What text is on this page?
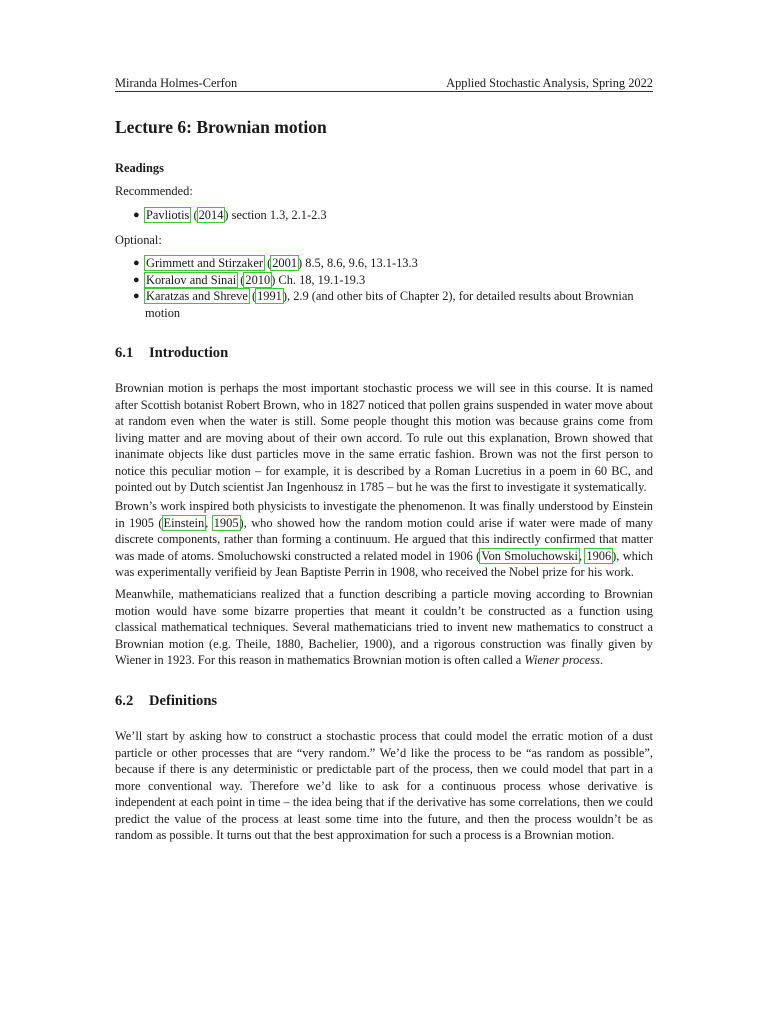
Miranda Holmes-Cerfon	Applied Stochastic Analysis, Spring 2022
Lecture 6: Brownian motion
Readings
Recommended:
● Pavliotis (2014) section 1.3, 2.1-2.3
Optional:
● Grimmett and Stirzaker (2001) 8.5, 8.6, 9.6, 13.1-13.3
● Koralov and Sinai (2010) Ch. 18, 19.1-19.3
● Karatzas and Shreve (1991), 2.9 (and other bits of Chapter 2), for detailed results about Brownian motion
6.1 Introduction

Brownian motion is perhaps the most important stochastic process we will see in this course. It is named after Scottish botanist Robert Brown, who in 1827 noticed that pollen grains suspended in water move about at random even when the water is still. Some people thought this motion was because grains come from living matter and are moving about of their own accord. To rule out this explanation, Brown showed that inanimate objects like dust particles move in the same erratic fashion. Brown was not the first person to notice this peculiar motion – for example, it is described by a Roman Lucretius in a poem in 60 BC, and pointed out by Dutch scientist Jan Ingenhousz in 1785 – but he was the first to investigate it systematically.

Brown’s work inspired both physicists to investigate the phenomenon. It was finally understood by Einstein in 1905 (Einstein, 1905), who showed how the random motion could arise if water were made of many discrete components, rather than forming a continuum. He argued that this indirectly confirmed that matter was made of atoms. Smoluchowski constructed a related model in 1906 (Von Smoluchowski, 1906), which was experimentally verifieid by Jean Baptiste Perrin in 1908, who received the Nobel prize for his work.

Meanwhile, mathematicians realized that a function describing a particle moving according to Brownian motion would have some bizarre properties that meant it couldn’t be constructed as a function using classical mathematical techniques. Several mathematicians tried to invent new mathematics to construct a Brownian motion (e.g. Theile, 1880, Bachelier, 1900), and a rigorous construction was finally given by Wiener in 1923. For this reason in mathematics Brownian motion is often called a Wiener process.

6.2 Definitions

We’ll start by asking how to construct a stochastic process that could model the erratic motion of a dust particle or other processes that are “very random.” We’d like the process to be “as random as possible”, because if there is any deterministic or predictable part of the process, then we could model that part in a more conventional way. Therefore we’d like to ask for a continuous process whose derivative is independent at each point in time – the idea being that if the derivative has some correlations, then we could predict the value of the process at least some time into the future, and then the process wouldn’t be as random as possible. It turns out that the best approximation for such a process is a Brownian motion.
